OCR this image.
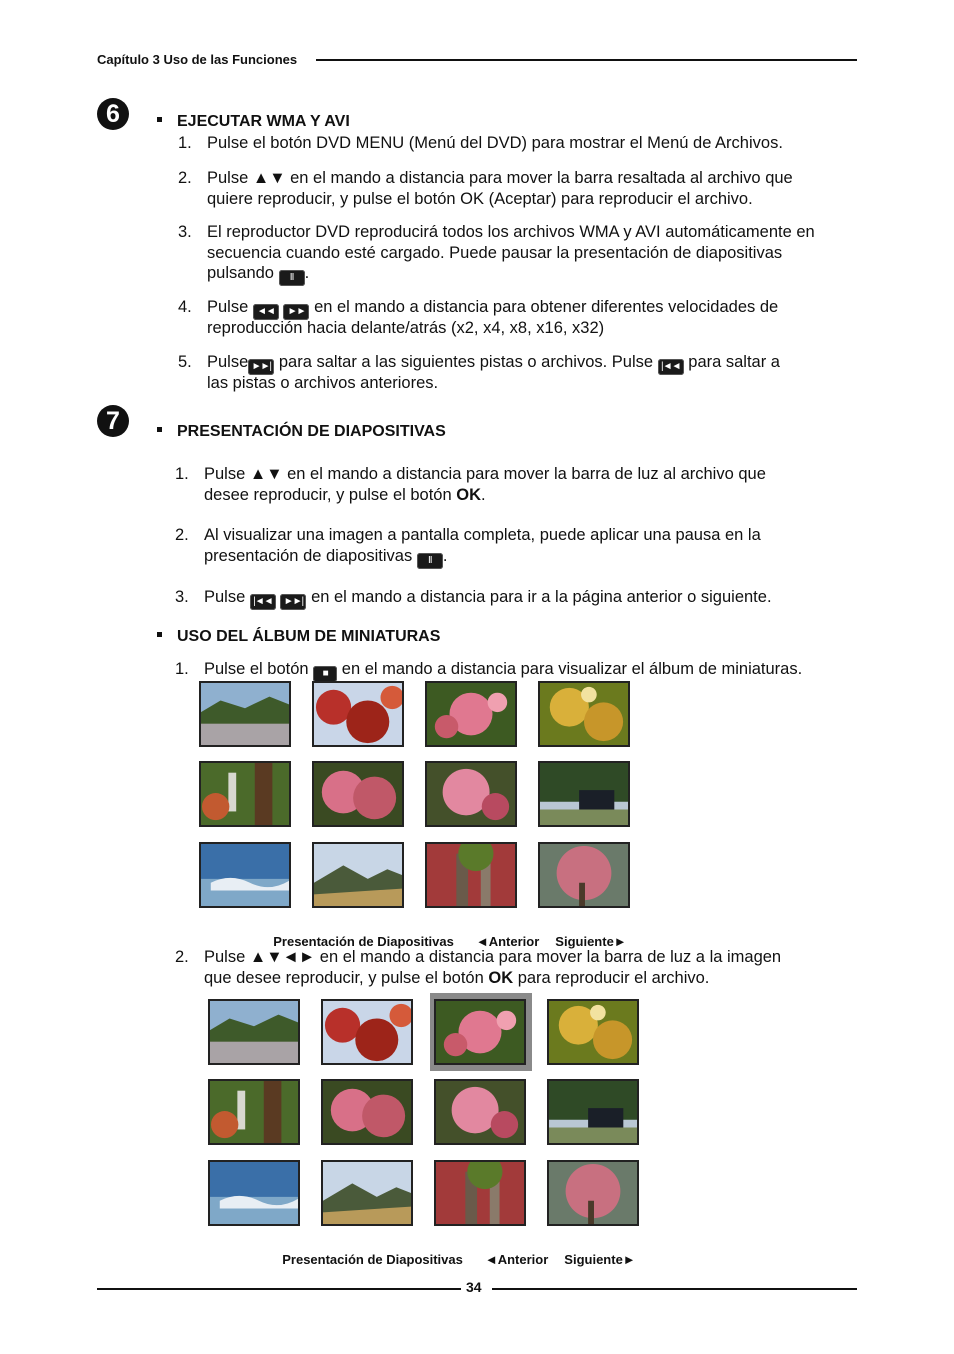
Capítulo 3 Uso de las Funciones
6	EJECUTAR WMA Y AVI
1. Pulse el botón DVD MENU (Menú del DVD) para mostrar el Menú de Archivos.
2. Pulse ▲▼ en el mando a distancia para mover la barra resaltada al archivo que
quiere reproducir, y pulse el botón OK (Aceptar) para reproducir el archivo.
3. El reproductor DVD reproducirá todos los archivos WMA y AVI automáticamente en
secuencia cuando esté cargado. Puede pausar la presentación de diapositivas
pulsando II .
4. Pulse ◄◄ ►► en el mando a distancia para obtener diferentes velocidades de
reproducción hacia delante/atrás (x2, x4, x8, x16, x32)
5. Pulse ►►| para saltar a las siguientes pistas o archivos. Pulse |◄◄ para saltar a
las pistas o archivos anteriores.
7	PRESENTACIÓN DE DIAPOSITIVAS
1. Pulse ▲▼ en el mando a distancia para mover la barra de luz al archivo que
desee reproducir, y pulse el botón OK.
2. Al visualizar una imagen a pantalla completa, puede aplicar una pausa en la
presentación de diapositivas II .
3. Pulse |◄◄ ►►| en el mando a distancia para ir a la página anterior o siguiente.
USO DEL ÁLBUM DE MINIATURAS
1. Pulse el botón ■ en el mando a distancia para visualizar el álbum de miniaturas.

Presentación de Diapositivas ◄Anterior Siguiente►

2. Pulse ▲▼◄► en el mando a distancia para mover la barra de luz a la imagen
que desee reproducir, y pulse el botón OK para reproducir el archivo.

Presentación de Diapositivas ◄Anterior Siguiente►

34
